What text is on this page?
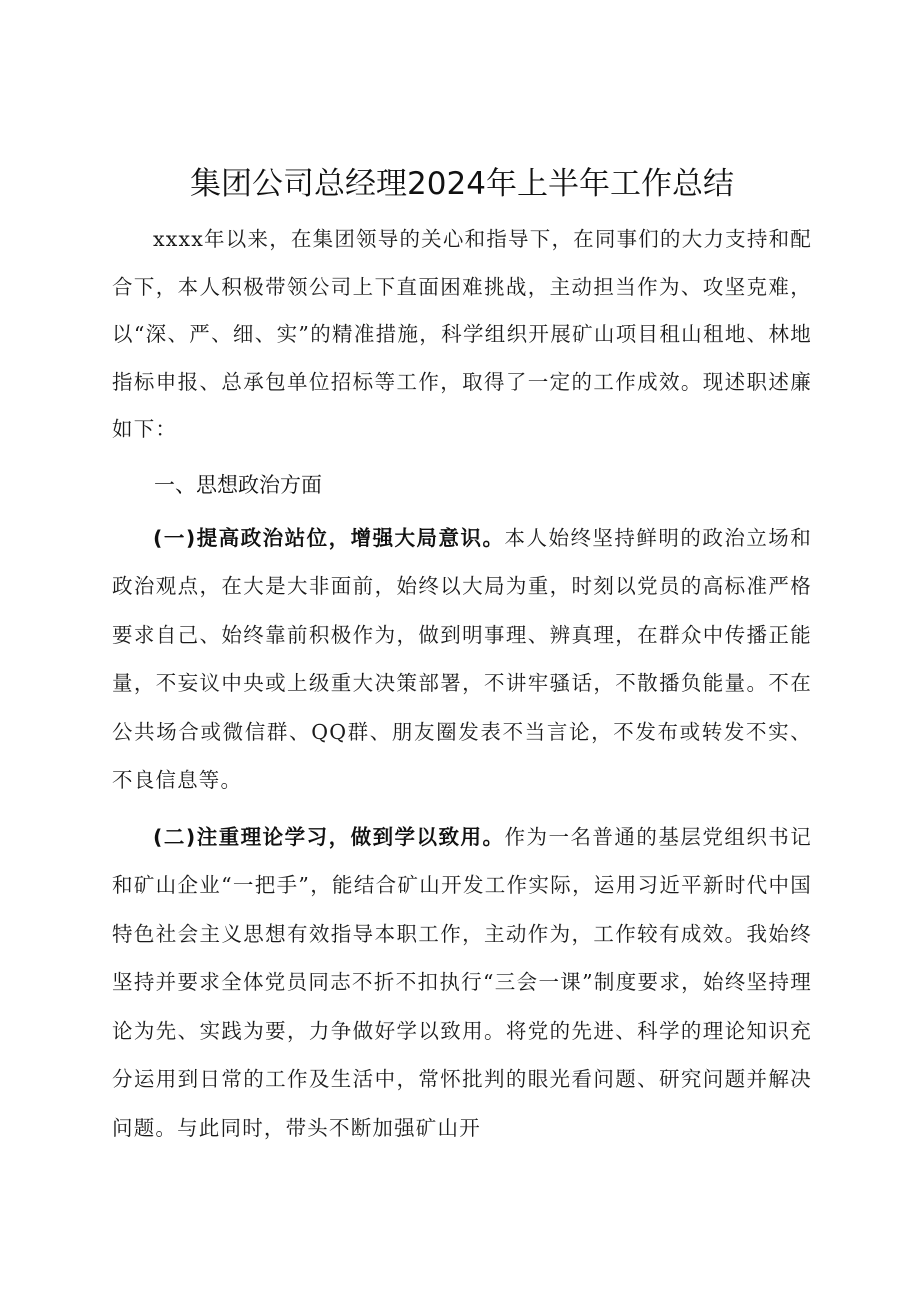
集团公司总经理2024年上半年工作总结

xxxx年以来，在集团领导的关心和指导下，在同事们的大力支持和配合下，本人积极带领公司上下直面困难挑战，主动担当作为、攻坚克难，以“深、严、细、实”的精准措施，科学组织开展矿山项目租山租地、林地指标申报、总承包单位招标等工作，取得了一定的工作成效。现述职述廉如下：

一、思想政治方面

(一)提高政治站位，增强大局意识。本人始终坚持鲜明的政治立场和政治观点，在大是大非面前，始终以大局为重，时刻以党员的高标准严格要求自己、始终靠前积极作为，做到明事理、辨真理，在群众中传播正能量，不妄议中央或上级重大决策部署，不讲牢骚话，不散播负能量。不在公共场合或微信群、QQ群、朋友圈发表不当言论，不发布或转发不实、不良信息等。

(二)注重理论学习，做到学以致用。作为一名普通的基层党组织书记和矿山企业“一把手”，能结合矿山开发工作实际，运用习近平新时代中国特色社会主义思想有效指导本职工作，主动作为，工作较有成效。我始终坚持并要求全体党员同志不折不扣执行“三会一课”制度要求，始终坚持理论为先、实践为要，力争做好学以致用。将党的先进、科学的理论知识充分运用到日常的工作及生活中，常怀批判的眼光看问题、研究问题并解决问题。与此同时，带头不断加强矿山开
